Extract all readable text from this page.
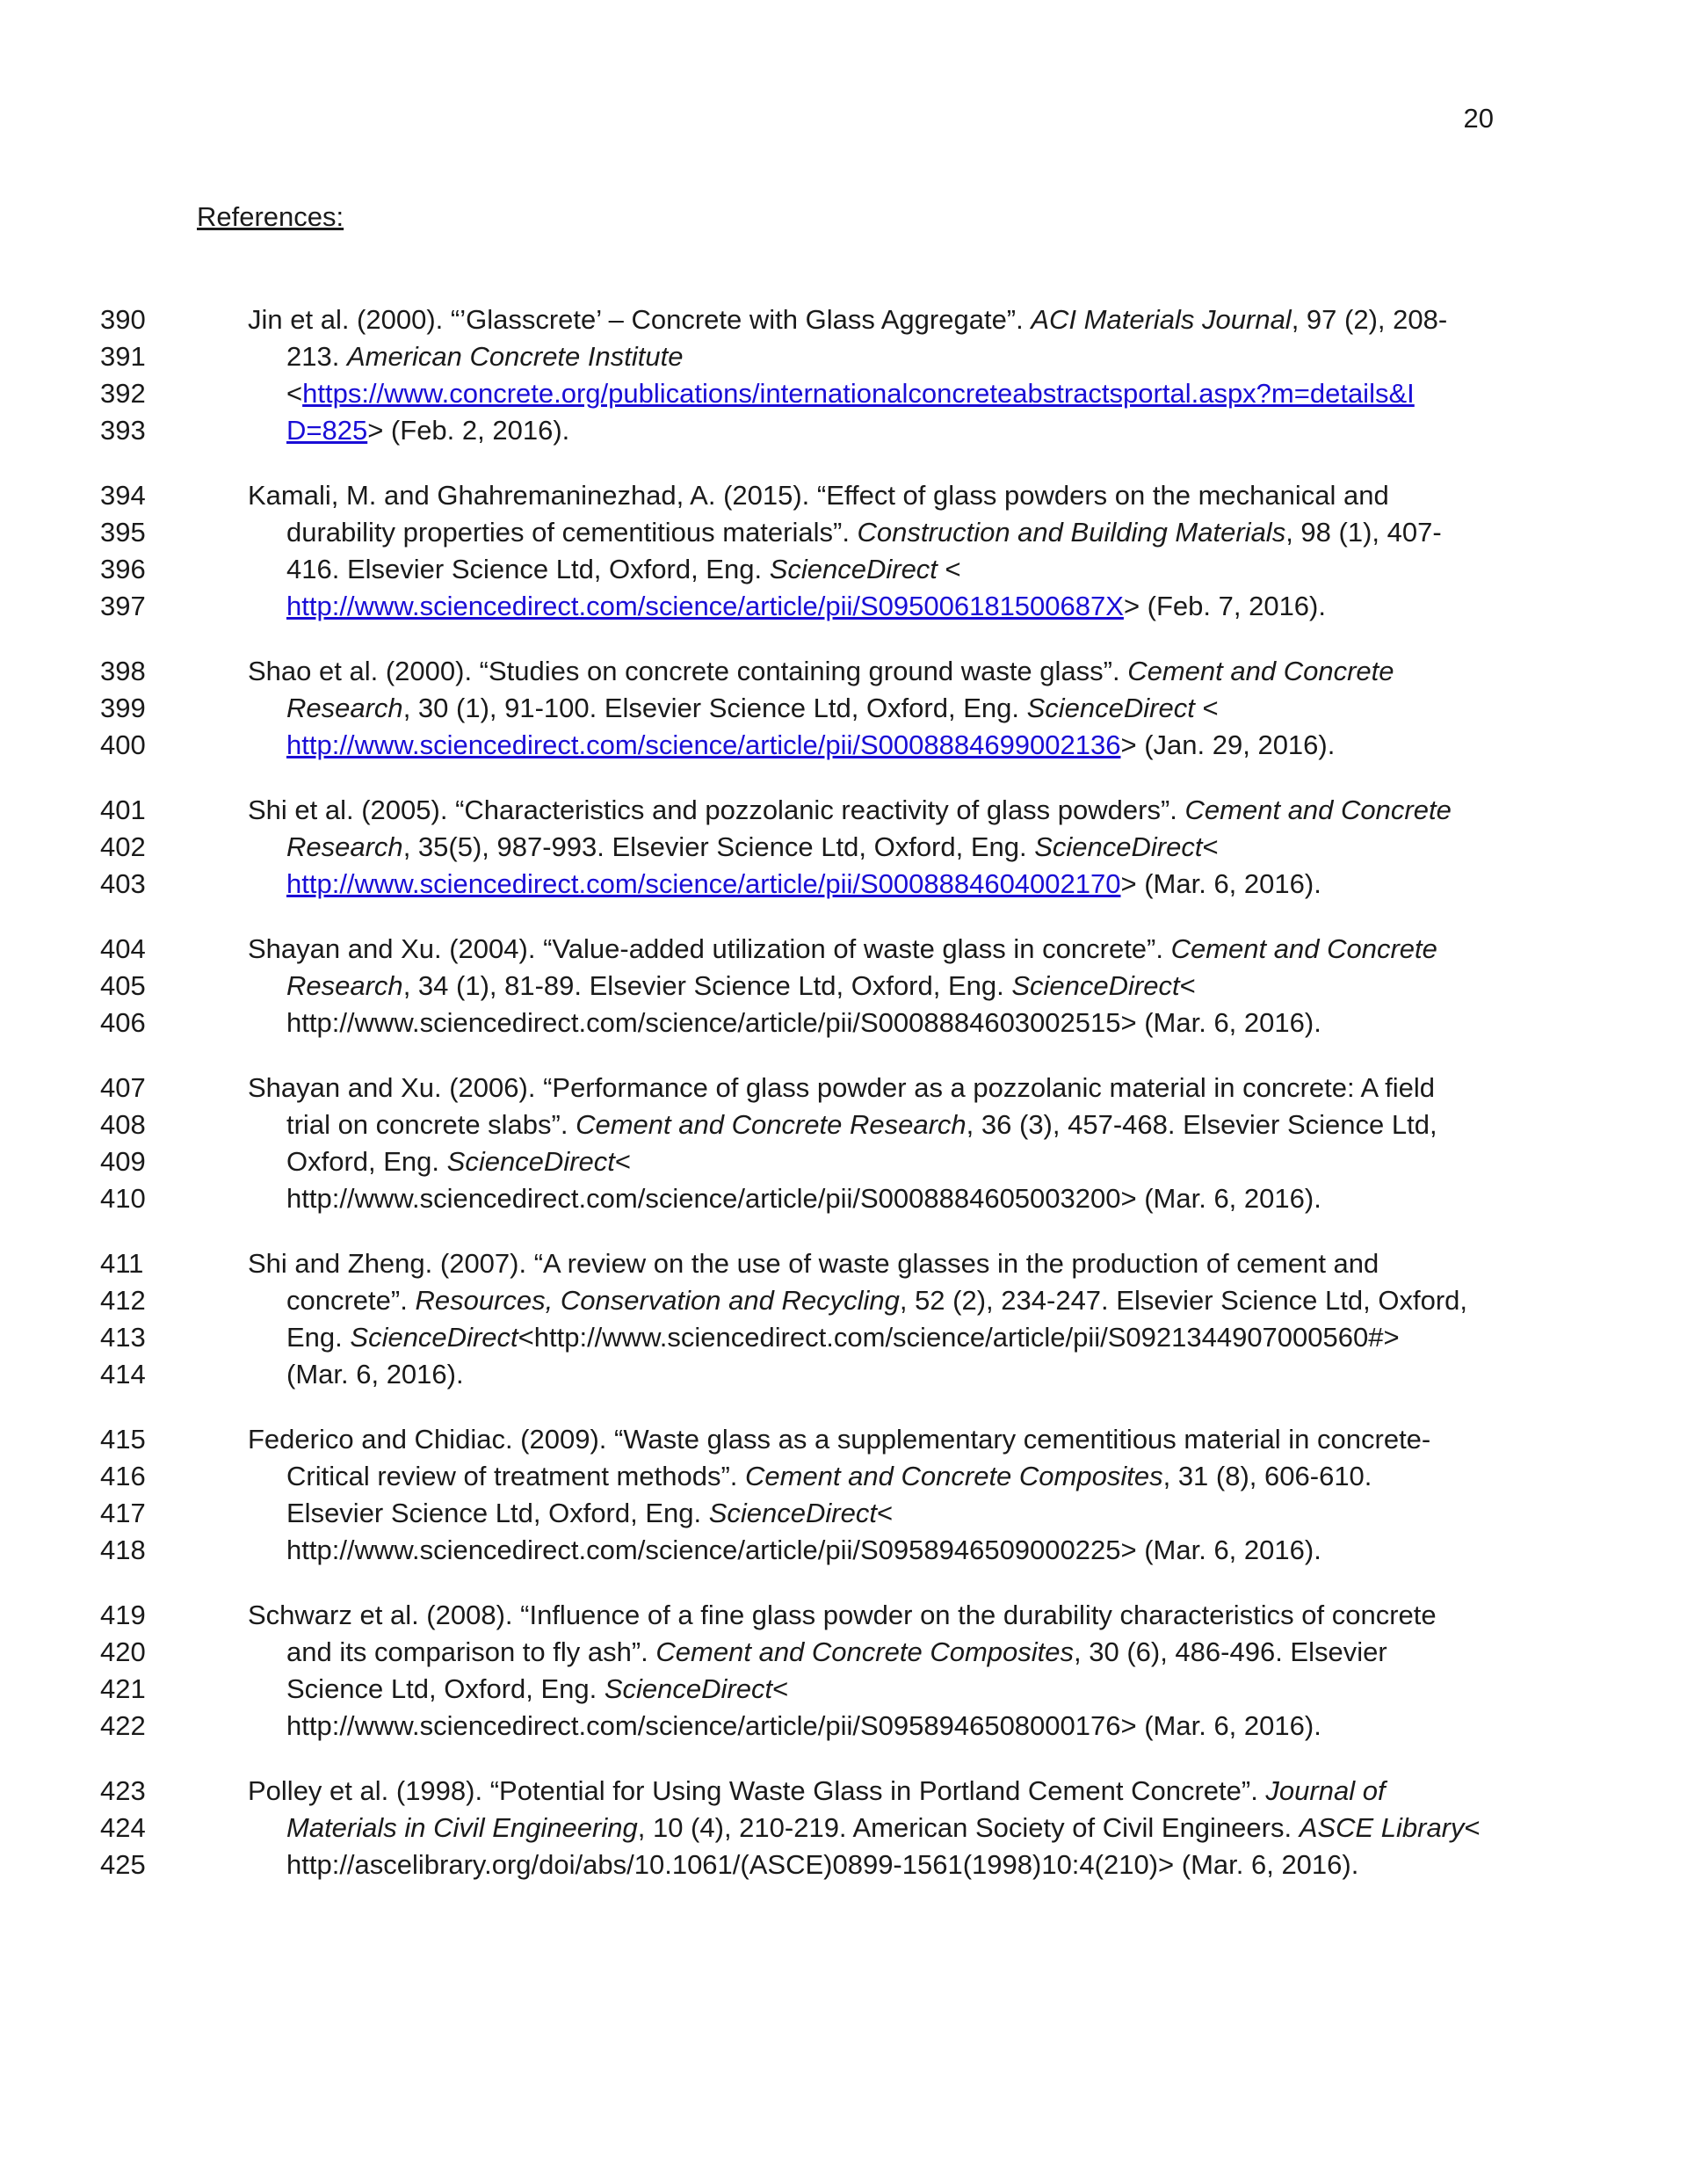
20
References:
390	Jin et al. (2000). “’Glasscrete’ – Concrete with Glass Aggregate”. ACI Materials Journal, 97 (2), 208-
391	213. American Concrete Institute
392	<https://www.concrete.org/publications/internationalconcreteabstractsportal.aspx?m=details&I
393	D=825> (Feb. 2, 2016).
394	Kamali, M. and Ghahremaninezhad, A. (2015). “Effect of glass powders on the mechanical and
395	durability properties of cementitious materials”. Construction and Building Materials, 98 (1), 407-
396	416. Elsevier Science Ltd, Oxford, Eng. ScienceDirect <
397	http://www.sciencedirect.com/science/article/pii/S095006181500687X> (Feb. 7, 2016).
398	Shao et al. (2000). “Studies on concrete containing ground waste glass”. Cement and Concrete
399	Research, 30 (1), 91-100. Elsevier Science Ltd, Oxford, Eng. ScienceDirect <
400	http://www.sciencedirect.com/science/article/pii/S0008884699002136> (Jan. 29, 2016).
401	Shi et al. (2005). “Characteristics and pozzolanic reactivity of glass powders”. Cement and Concrete
402	Research, 35(5), 987-993. Elsevier Science Ltd, Oxford, Eng. ScienceDirect<
403	http://www.sciencedirect.com/science/article/pii/S0008884604002170> (Mar. 6, 2016).
404	Shayan and Xu. (2004). “Value-added utilization of waste glass in concrete”. Cement and Concrete
405	Research, 34 (1), 81-89. Elsevier Science Ltd, Oxford, Eng. ScienceDirect<
406	http://www.sciencedirect.com/science/article/pii/S0008884603002515> (Mar. 6, 2016).
407	Shayan and Xu. (2006). “Performance of glass powder as a pozzolanic material in concrete: A field
408	trial on concrete slabs”. Cement and Concrete Research, 36 (3), 457-468. Elsevier Science Ltd,
409	Oxford, Eng. ScienceDirect<
410	http://www.sciencedirect.com/science/article/pii/S0008884605003200> (Mar. 6, 2016).
411	Shi and Zheng. (2007). “A review on the use of waste glasses in the production of cement and
412	concrete”. Resources, Conservation and Recycling, 52 (2), 234-247. Elsevier Science Ltd, Oxford,
413	Eng. ScienceDirect<http://www.sciencedirect.com/science/article/pii/S0921344907000560#>
414	(Mar. 6, 2016).
415	Federico and Chidiac. (2009). “Waste glass as a supplementary cementitious material in concrete-
416	Critical review of treatment methods”. Cement and Concrete Composites, 31 (8), 606-610.
417	Elsevier Science Ltd, Oxford, Eng. ScienceDirect<
418	http://www.sciencedirect.com/science/article/pii/S0958946509000225> (Mar. 6, 2016).
419	Schwarz et al. (2008). “Influence of a fine glass powder on the durability characteristics of concrete
420	and its comparison to fly ash”. Cement and Concrete Composites, 30 (6), 486-496. Elsevier
421	Science Ltd, Oxford, Eng. ScienceDirect<
422	http://www.sciencedirect.com/science/article/pii/S0958946508000176> (Mar. 6, 2016).
423	Polley et al. (1998). “Potential for Using Waste Glass in Portland Cement Concrete”. Journal of
424	Materials in Civil Engineering, 10 (4), 210-219. American Society of Civil Engineers. ASCE Library<
425	http://ascelibrary.org/doi/abs/10.1061/(ASCE)0899-1561(1998)10:4(210)> (Mar. 6, 2016).
